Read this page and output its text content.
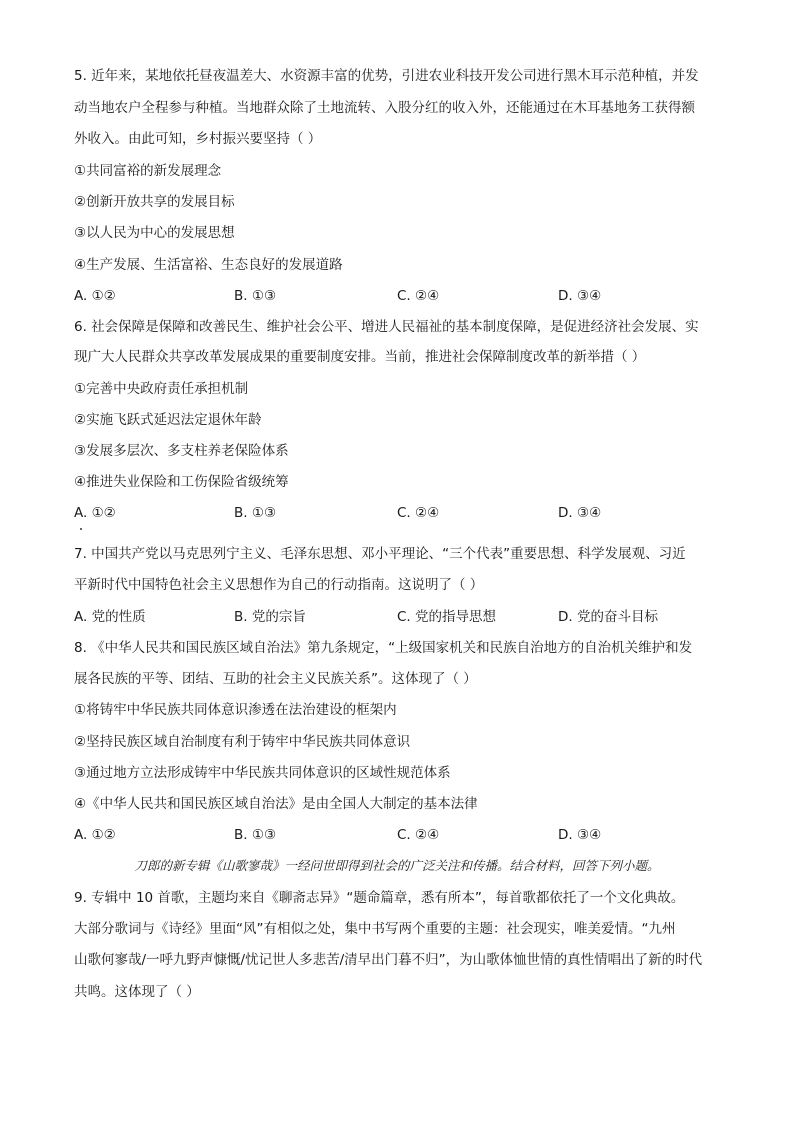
5. 近年来，某地依托昼夜温差大、水资源丰富的优势，引进农业科技开发公司进行黑木耳示范种植，并发
动当地农户全程参与种植。当地群众除了土地流转、入股分红的收入外，还能通过在木耳基地务工获得额
外收入。由此可知，乡村振兴要坚持（ ）
①共同富裕的新发展理念
②创新开放共享的发展目标
③以人民为中心的发展思想
④生产发展、生活富裕、生态良好的发展道路
A. ①②	B. ①③	C. ②④	D. ③④
6. 社会保障是保障和改善民生、维护社会公平、增进人民福祉的基本制度保障，是促进经济社会发展、实
现广大人民群众共享改革发展成果的重要制度安排。当前，推进社会保障制度改革的新举措（ ）
①完善中央政府责任承担机制
②实施飞跃式延迟法定退休年龄
③发展多层次、多支柱养老保险体系
④推进失业保险和工伤保险省级统筹
A. ①②	B. ①③	C. ②④	D. ③④
7. 中国共产党以马克思列宁主义、毛泽东思想、邓小平理论、“三个代表”重要思想、科学发展观、习近
平新时代中国特色社会主义思想作为自己的行动指南。这说明了（ ）
A. 党的性质	B. 党的宗旨	C. 党的指导思想	D. 党的奋斗目标
8. 《中华人民共和国民族区域自治法》第九条规定，“上级国家机关和民族自治地方的自治机关维护和发
展各民族的平等、团结、互助的社会主义民族关系”。这体现了（ ）
①将铸牢中华民族共同体意识渗透在法治建设的框架内
②坚持民族区域自治制度有利于铸牢中华民族共同体意识
③通过地方立法形成铸牢中华民族共同体意识的区域性规范体系
④《中华人民共和国民族区域自治法》是由全国人大制定的基本法律
A. ①②	B. ①③	C. ②④	D. ③④
刀郎的新专辑《山歌寥哉》一经问世即得到社会的广泛关注和传播。结合材料，回答下列小题。
9. 专辑中 10 首歌，主题均来自《聊斋志异》“题命篇章，悉有所本”，每首歌都依托了一个文化典故。
大部分歌词与《诗经》里面“风”有相似之处，集中书写两个重要的主题：社会现实，唯美爱情。“九州
山歌何寥哉/一呼九野声慷慨/忧记世人多悲苦/清早出门暮不归”，为山歌体恤世情的真性情唱出了新的时代
共鸣。这体现了（ ）
